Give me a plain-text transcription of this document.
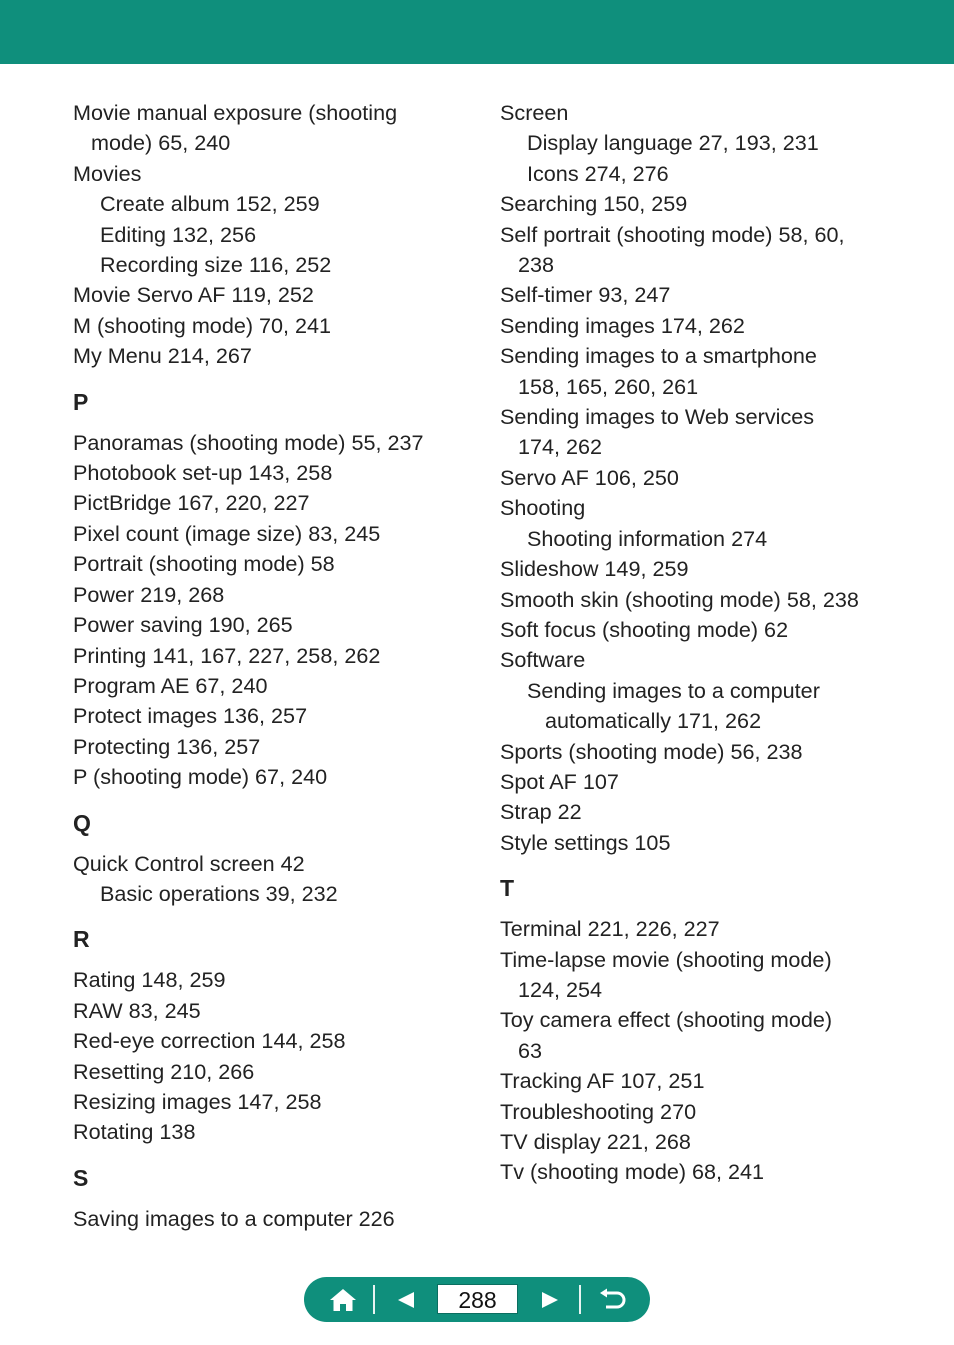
Movie manual exposure (shooting
mode) 65, 240
Movies
Create album 152, 259
Editing 132, 256
Recording size 116, 252
Movie Servo AF 119, 252
M (shooting mode) 70, 241
My Menu 214, 267
P
Panoramas (shooting mode) 55, 237
Photobook set-up 143, 258
PictBridge 167, 220, 227
Pixel count (image size) 83, 245
Portrait (shooting mode) 58
Power 219, 268
Power saving 190, 265
Printing 141, 167, 227, 258, 262
Program AE 67, 240
Protect images 136, 257
Protecting 136, 257
P (shooting mode) 67, 240
Q
Quick Control screen 42
Basic operations 39, 232
R
Rating 148, 259
RAW 83, 245
Red-eye correction 144, 258
Resetting 210, 266
Resizing images 147, 258
Rotating 138
S
Saving images to a computer 226
Screen
Display language 27, 193, 231
Icons 274, 276
Searching 150, 259
Self portrait (shooting mode) 58, 60,
238
Self-timer 93, 247
Sending images 174, 262
Sending images to a smartphone
158, 165, 260, 261
Sending images to Web services
174, 262
Servo AF 106, 250
Shooting
Shooting information 274
Slideshow 149, 259
Smooth skin (shooting mode) 58, 238
Soft focus (shooting mode) 62
Software
Sending images to a computer
automatically 171, 262
Sports (shooting mode) 56, 238
Spot AF 107
Strap 22
Style settings 105
T
Terminal 221, 226, 227
Time-lapse movie (shooting mode)
124, 254
Toy camera effect (shooting mode)
63
Tracking AF 107, 251
Troubleshooting 270
TV display 221, 268
Tv (shooting mode) 68, 241
288
